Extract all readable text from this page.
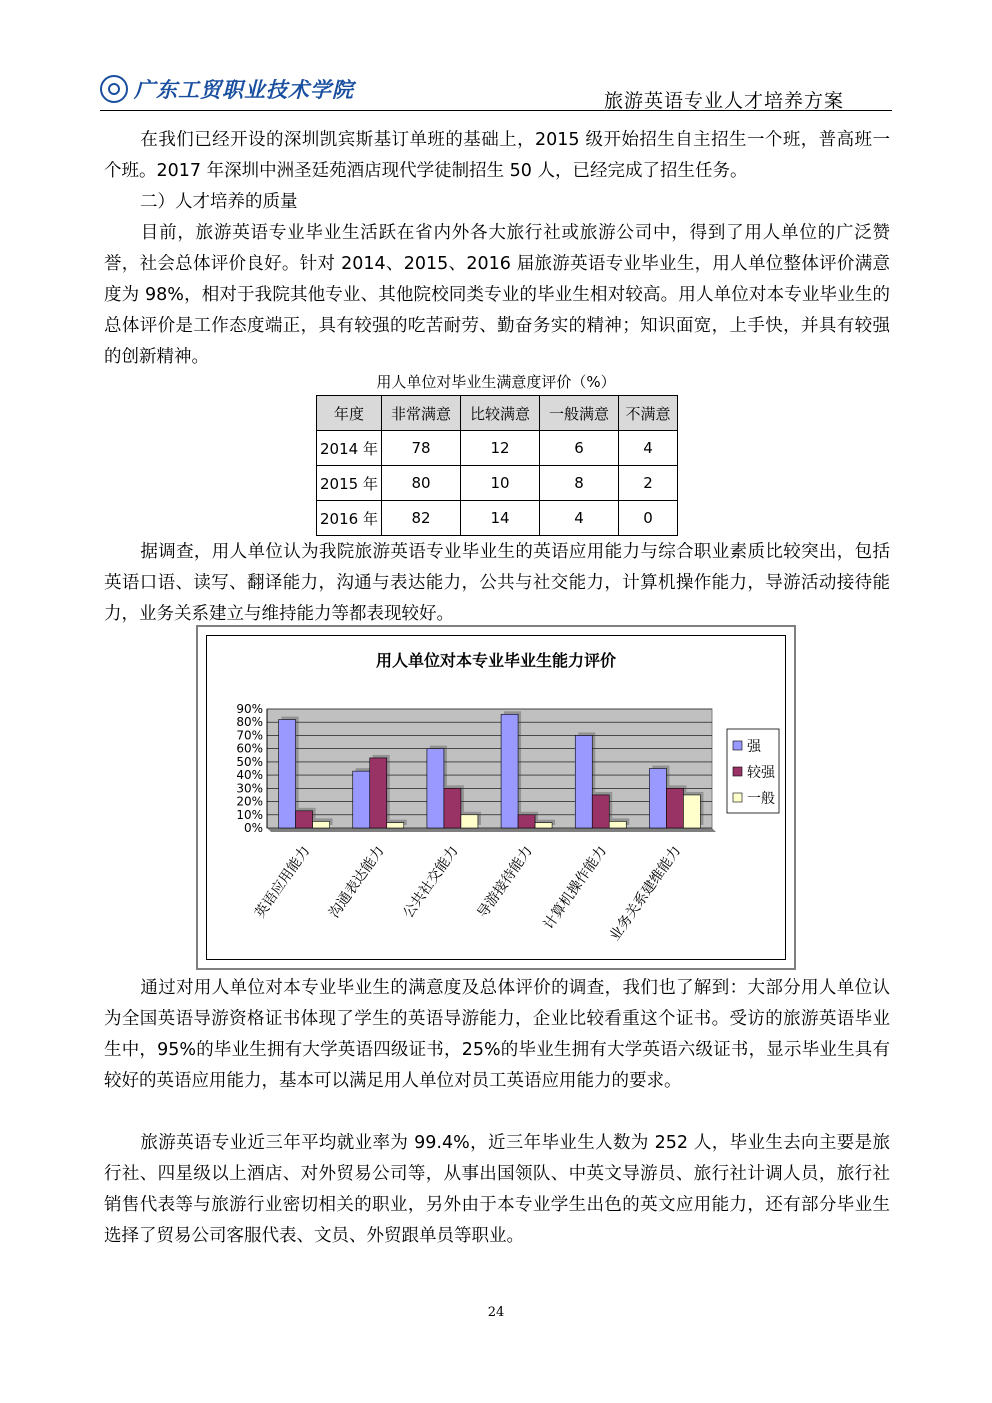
广东工贸职业技术学院	旅游英语专业人才培养方案
在我们已经开设的深圳凯宾斯基订单班的基础上，2015 级开始招生自主招生一个班，普高班一个班。2017 年深圳中洲圣廷苑酒店现代学徒制招生 50 人，已经完成了招生任务。
二）人才培养的质量
目前，旅游英语专业毕业生活跃在省内外各大旅行社或旅游公司中，得到了用人单位的广泛赞誉，社会总体评价良好。针对 2014、2015、2016 届旅游英语专业毕业生，用人单位整体评价满意度为 98%，相对于我院其他专业、其他院校同类专业的毕业生相对较高。用人单位对本专业毕业生的总体评价是工作态度端正，具有较强的吃苦耐劳、勤奋务实的精神；知识面宽，上手快，并具有较强的创新精神。
用人单位对毕业生满意度评价（%）
年度	非常满意	比较满意	一般满意	不满意
2014 年	78	12	6	4
2015 年	80	10	8	2
2016 年	82	14	4	0
据调查，用人单位认为我院旅游英语专业毕业生的英语应用能力与综合职业素质比较突出，包括英语口语、读写、翻译能力，沟通与表达能力，公共与社交能力，计算机操作能力，导游活动接待能力，业务关系建立与维持能力等都表现较好。
用人单位对本专业毕业生能力评价
0%
10%
20%
30%
40%
50%
60%
70%
80%
90%
英语应用能力 沟通表达能力 公共社交能力 导游接待能力 计算机操作能力
业务关系建维能力
强
较强
一般
通过对用人单位对本专业毕业生的满意度及总体评价的调查，我们也了解到：大部分用人单位认为全国英语导游资格证书体现了学生的英语导游能力，企业比较看重这个证书。受访的旅游英语毕业生中，95%的毕业生拥有大学英语四级证书，25%的毕业生拥有大学英语六级证书，显示毕业生具有较好的英语应用能力，基本可以满足用人单位对员工英语应用能力的要求。
旅游英语专业近三年平均就业率为 99.4%，近三年毕业生人数为 252 人，毕业生去向主要是旅行社、四星级以上酒店、对外贸易公司等，从事出国领队、中英文导游员、旅行社计调人员，旅行社销售代表等与旅游行业密切相关的职业，另外由于本专业学生出色的英文应用能力，还有部分毕业生选择了贸易公司客服代表、文员、外贸跟单员等职业。
24
